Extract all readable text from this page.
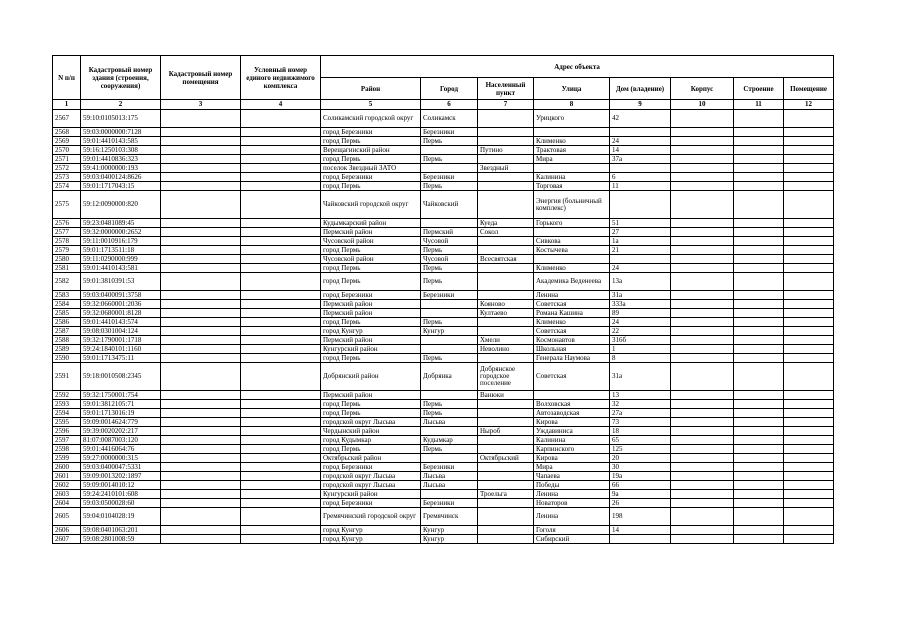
N п/п	Кадастровый номер здания (строения, сооружения)	Кадастровый номер помещения	Условный номер единого недвижимого комплекса	Адрес объекта							
				Район	Город	Населенный пункт	Улица	Дом (владение)	Корпус	Строение	Помещение
1	2	3	4	5	6	7	8	9	10	11	12
2567	59:10:0105013:175			Соликамский городской округ	Соликамск		Урицкого	42			
2568	59:03:0000000:7128			город Березники	Березники						
2569	59:01:4410143:585			город Пермь	Пермь		Клименко	24			
2570	59:16:1250103:308			Верещагинский район		Путино	Трактовая	14			
2571	59:01:4410836:323			город Пермь	Пермь		Мира	37а			
2572	59:41:0000000:193			поселок Звездный ЗАТО		Звездный					
2573	59:03:0400124:8626			город Березники	Березники		Калинина	6			
2574	59:01:1717043:15			город Пермь	Пермь		Торговая	11			
2575	59:12:0090000:820			Чайковский городской округ	Чайковский		Энергия (больничный комплекс)				
2576	59:23:0481089:45			Кудымкарский район		Куеда	Горького	51			
2577	59:32:0000000:2652			Пермский район	Пермский	Сокол		27			
2578	59:11:0010916:179			Чусовской район	Чусовой		Сивкова	1а			
2579	59:01:1713511:18			город Пермь	Пермь		Костычева	21			
2580	59:11:0290000:999			Чусовской район	Чусовой	Всесвятская					
2581	59:01:4410143:581			город Пермь	Пермь		Клименко	24			
2582	59:01:3810391:53			город Пермь	Пермь		Академика Веденеева	13а			
2583	59:03:0400091:3758			город Березники	Березники		Ленина	31а			
2584	59:32:0660001:2036			Пермский район		Кояново	Советская	333а			
2585	59:32:0680001:8128			Пермский район		Култаево	Романа Кашина	89			
2586	59:01:4410143:574			город Пермь	Пермь		Клименко	24			
2587	59:08:0301004:124			город Кунгур	Кунгур		Советская	22			
2588	59:32:1790001:1718			Пермский район		Хмели	Космонавтов	316б			
2589	59:24:1840101:1160			Кунгурский район		Неволино	Школьная	1			
2590	59:01:1713475:11			город Пермь	Пермь		Генерала Наумова	8			
2591	59:18:0010508:2345			Добрянский район	Добрянка	Добрянское городское поселение	Советская	31а			
2592	59:32:1750001:754			Пермский район		Ванюки		13			
2593	59:01:3812105:71			город Пермь	Пермь		Волховская	32			
2594	59:01:1713016:19			город Пермь	Пермь		Автозаводская	27а			
2595	59:09:0014624:779			городской округ Лысьва	Лысьва		Кирова	73			
2596	59:39:0020202:217			Чердынский район		Ныроб	Уждавиниса	18			
2597	81:07:0087003:120			город Кудымкар	Кудымкар		Калинина	65			
2598	59:01:4416064:76			город Пермь	Пермь		Карпинского	125			
2599	59:27:0000000:315			Октябрьский район		Октябрьский	Кирова	20			
2600	59:03:0400047:5331			город Березники	Березники		Мира	30			
2601	59:09:0013202:1897			городской округ Лысьва	Лысьва		Чапаева	19а			
2602	59:09:0014010:12			городской округ Лысьва	Лысьва		Победы	66			
2603	59:24:2410101:608			Кунгурский район		Троельга	Ленина	9а			
2604	59:03:0500028:60			город Березники	Березники		Новаторов	26			
2605	59:04:0104028:19			Гремячинский городской округ	Гремячинск		Ленина	198			
2606	59:08:0401063:201			город Кунгур	Кунгур		Гоголя	14			
2607	59:08:2801008:59			город Кунгур	Кунгур		Сибирский				
